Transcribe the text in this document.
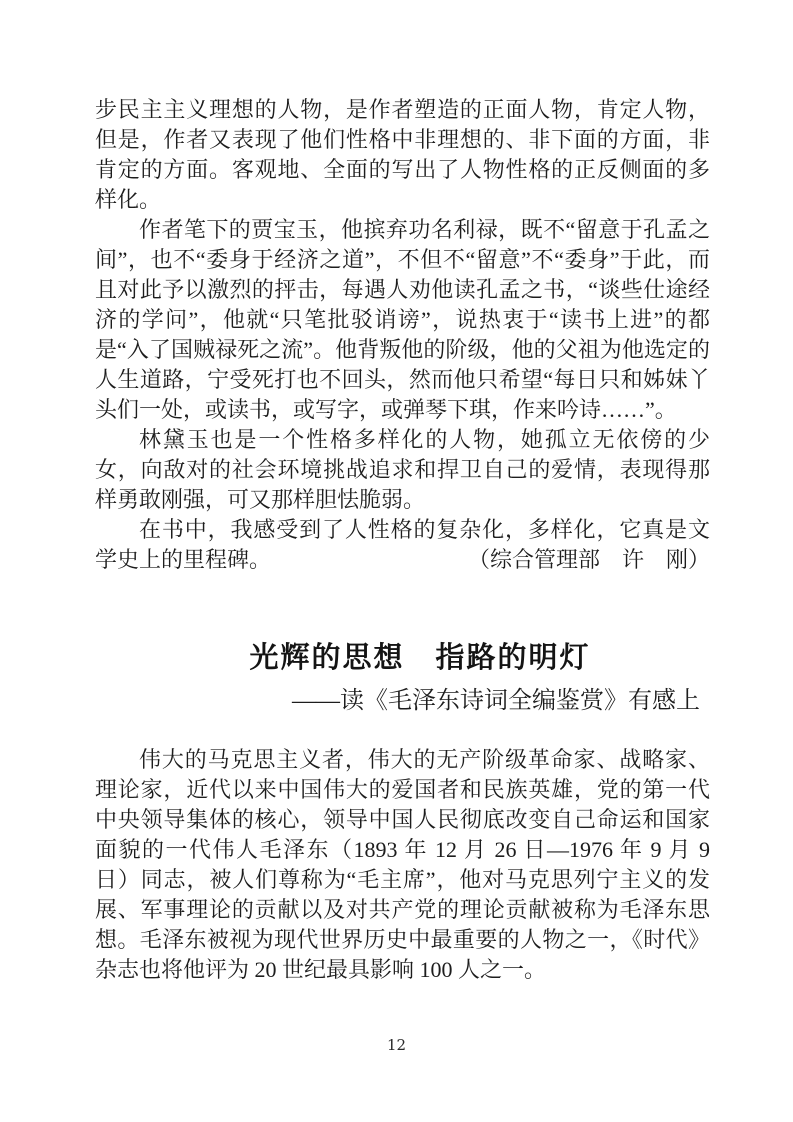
步民主主义理想的人物，是作者塑造的正面人物，肯定人物，但是，作者又表现了他们性格中非理想的、非下面的方面，非肯定的方面。客观地、全面的写出了人物性格的正反侧面的多样化。

作者笔下的贾宝玉，他摈弃功名利禄，既不“留意于孔孟之间”，也不“委身于经济之道”，不但不“留意”不“委身”于此，而且对此予以激烈的抨击，每遇人劝他读孔孟之书，“谈些仕途经济的学问”，他就“只笔批驳诮谤”，说热衷于“读书上进”的都是“入了国贼禄死之流”。他背叛他的阶级，他的父祖为他选定的人生道路，宁受死打也不回头，然而他只希望“每日只和姊妹丫头们一处，或读书，或写字，或弹琴下琪，作来吟诗……”。

林黛玉也是一个性格多样化的人物，她孤立无依傍的少女，向敌对的社会环境挑战追求和捍卫自己的爱情，表现得那样勇敢刚强，可又那样胆怯脆弱。

在书中，我感受到了人性格的复杂化，多样化，它真是文学史上的里程碑。	（综合管理部　许　刚）

光辉的思想　指路的明灯

——读《毛泽东诗词全编鉴赏》有感上

伟大的马克思主义者，伟大的无产阶级革命家、战略家、理论家，近代以来中国伟大的爱国者和民族英雄，党的第一代中央领导集体的核心，领导中国人民彻底改变自己命运和国家面貌的一代伟人毛泽东（1893 年 12 月 26 日—1976 年 9 月 9 日）同志，被人们尊称为“毛主席”，他对马克思列宁主义的发展、军事理论的贡献以及对共产党的理论贡献被称为毛泽东思想。毛泽东被视为现代世界历史中最重要的人物之一，《时代》杂志也将他评为 20 世纪最具影响 100 人之一。

12
